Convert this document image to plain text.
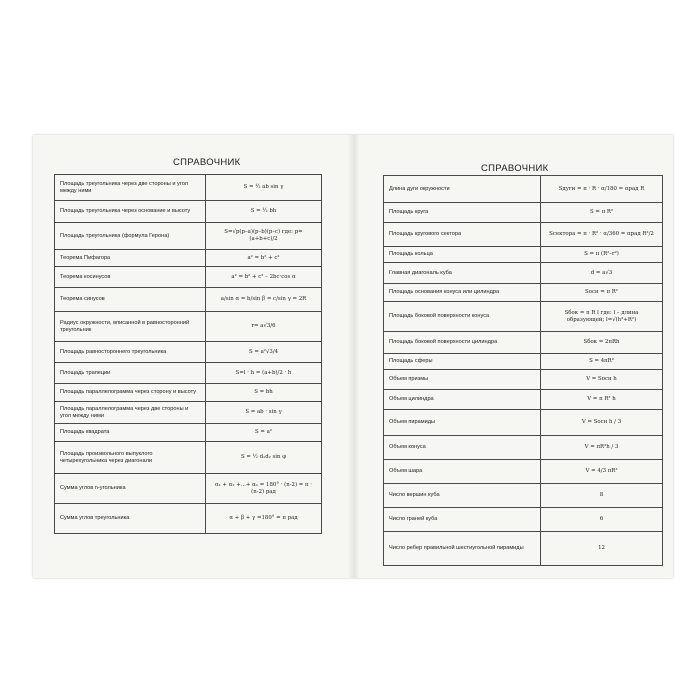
СПРАВОЧНИК
Площадь треугольника через две стороны и угол между ними	S = ½ ab sin γ
Площадь треугольника через основание и высоту	S = ½ bh
Площадь треугольника (формула Герона)	S=√p(p–a)(p–b)(p–c) где: p= (a+b+c)/2
Теорема Пифагора	a² = b² + c²
Теорема косинусов	a² = b² + c² – 2bc·cos α
Теорема синусов	a/sin α = b/sin β = c/sin γ = 2R
Радиус окружности, вписанной в равносторонний треугольник	r= a√3/6
Площадь равностороннего треугольника	S = a²√3/4
Площадь трапеции	S=l · h = (a+b)/2 · h
Площадь параллелограмма через сторону и высоту	S = bh
Площадь параллелограмма через две стороны и угол между ними	S = ab · sin γ
Площадь квадрата	S = a²
Площадь произвольного выпуклого четырехугольника через диагонали	S = ½ d₁d₂ sin φ
Сумма углов n-угольника	α₁ + α₂ +...+ αₙ = 180° · (n-2) = π · (n-2) рад
Сумма углов треугольника	α + β + γ =180° = π рад
СПРАВОЧНИК
Длина дуги окружности	Sдуги = π · R · α/180 = αрад R
Площадь круга	S = π R²
Площадь кругового сектора	Sсектора = π · R² · α/360 = αрад R²/2
Площадь кольца	S = π (R²–r²)
Главная диагональ куба	d = a√3
Площадь основания конуса или цилиндра	Sосн = π R²
Площадь боковой поверхности конуса	Sбок = π R l где: l – длина образующей; l=√(h²+R²)
Площадь боковой поверхности цилиндра	Sбок = 2πRh
Площадь сферы	S = 4πR²
Объем призмы	V = Sосн h
Объем цилиндра	V = π R² h
Объем пирамиды	V = Sосн h / 3
Объем конуса	V = πR²h / 3
Объем шара	V = 4/3 πR³
Число вершин куба	8
Число граней куба	6
Число ребер правильной шестиугольной пирамиды	12
